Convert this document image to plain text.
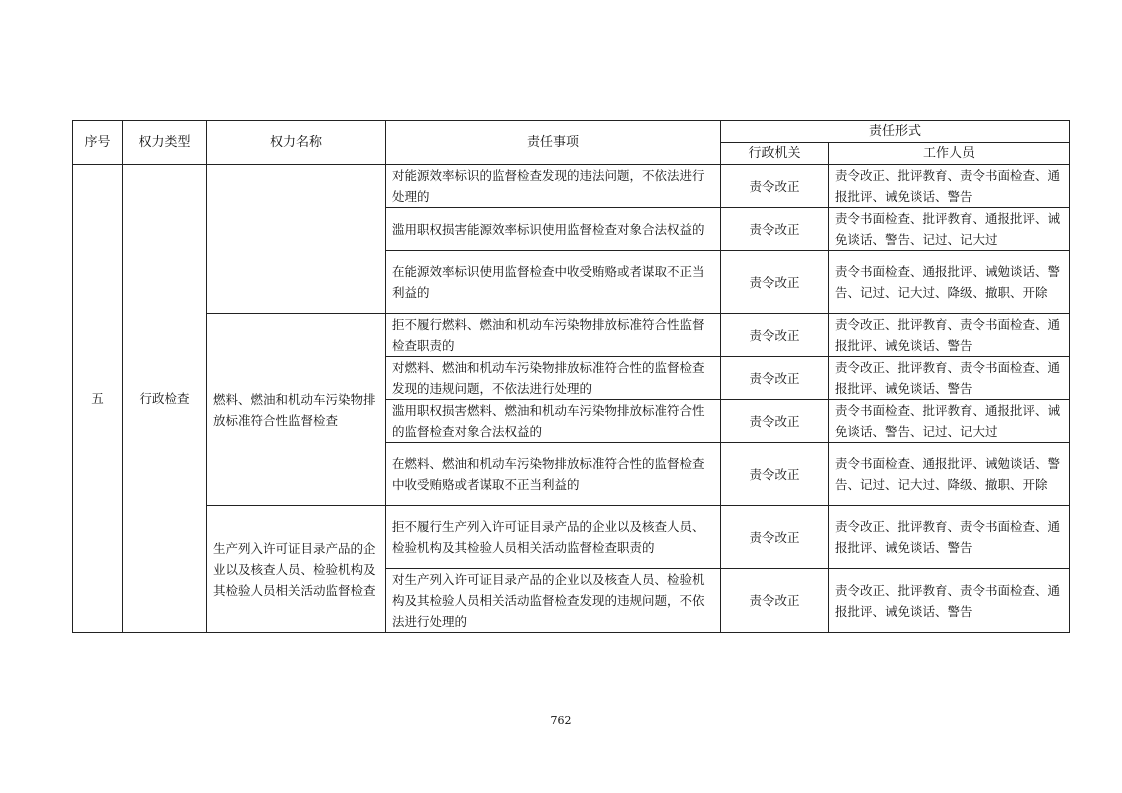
序号	权力类型	权力名称	责任事项	责任形式	
				行政机关	工作人员
五	行政检查		对能源效率标识的监督检查发现的违法问题，不依法进行处理的	责令改正	责令改正、批评教育、责令书面检查、通报批评、诫免谈话、警告
			滥用职权损害能源效率标识使用监督检查对象合法权益的	责令改正	责令书面检查、批评教育、通报批评、诫免谈话、警告、记过、记大过
			在能源效率标识使用监督检查中收受贿赂或者谋取不正当利益的	责令改正	责令书面检查、通报批评、诫勉谈话、警告、记过、记大过、降级、撤职、开除
		燃料、燃油和机动车污染物排放标准符合性监督检查	拒不履行燃料、燃油和机动车污染物排放标准符合性监督检查职责的	责令改正	责令改正、批评教育、责令书面检查、通报批评、诫免谈话、警告
			对燃料、燃油和机动车污染物排放标准符合性的监督检查发现的违规问题，不依法进行处理的	责令改正	责令改正、批评教育、责令书面检查、通报批评、诫免谈话、警告
			滥用职权损害燃料、燃油和机动车污染物排放标准符合性的监督检查对象合法权益的	责令改正	责令书面检查、批评教育、通报批评、诫免谈话、警告、记过、记大过
			在燃料、燃油和机动车污染物排放标准符合性的监督检查中收受贿赂或者谋取不正当利益的	责令改正	责令书面检查、通报批评、诫勉谈话、警告、记过、记大过、降级、撤职、开除
		生产列入许可证目录产品的企业以及核查人员、检验机构及其检验人员相关活动监督检查	拒不履行生产列入许可证目录产品的企业以及核查人员、检验机构及其检验人员相关活动监督检查职责的	责令改正	责令改正、批评教育、责令书面检查、通报批评、诫免谈话、警告
			对生产列入许可证目录产品的企业以及核查人员、检验机构及其检验人员相关活动监督检查发现的违规问题，不依法进行处理的	责令改正	责令改正、批评教育、责令书面检查、通报批评、诫免谈话、警告
762
